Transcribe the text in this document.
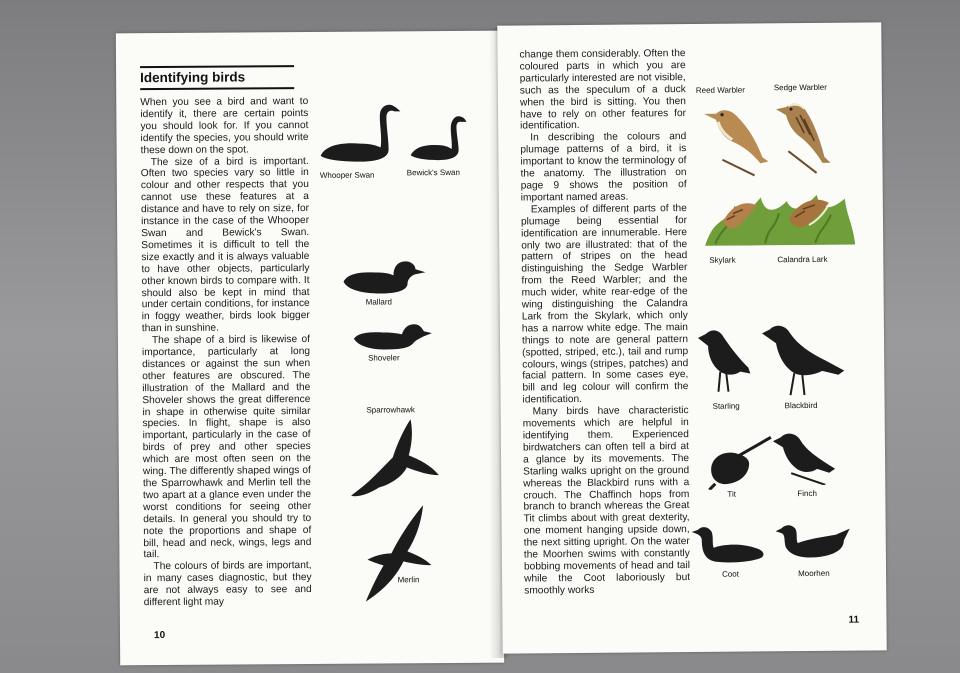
Identifying birds

When you see a bird and want to identify it, there are certain points you should look for. If you cannot identify the species, you should write these down on the spot.

The size of a bird is important. Often two species vary so little in colour and other respects that you cannot use these features at a distance and have to rely on size, for instance in the case of the Whooper Swan and Bewick's Swan. Sometimes it is difficult to tell the size exactly and it is always valuable to have other objects, particularly other known birds to compare with. It should also be kept in mind that under certain conditions, for instance in foggy weather, birds look bigger than in sunshine.

The shape of a bird is likewise of importance, particularly at long distances or against the sun when other features are obscured. The illustration of the Mallard and the Shoveler shows the great difference in shape in otherwise quite similar species. In flight, shape is also important, particularly in the case of birds of prey and other species which are most often seen on the wing. The differently shaped wings of the Sparrowhawk and Merlin tell the two apart at a glance even under the worst conditions for seeing other details. In general you should try to note the proportions and shape of bill, head and neck, wings, legs and tail.

The colours of birds are important, in many cases diagnostic, but they are not always easy to see and different light may

Whooper Swan	Bewick's Swan
Mallard
Shoveler
Sparrowhawk
Merlin
10

change them considerably. Often the coloured parts in which you are particularly interested are not visible, such as the speculum of a duck when the bird is sitting. You then have to rely on other features for identification.

In describing the colours and plumage patterns of a bird, it is important to know the terminology of the anatomy. The illustration on page 9 shows the position of important named areas.

Examples of different parts of the plumage being essential for identification are innumerable. Here only two are illustrated: that of the pattern of stripes on the head distinguishing the Sedge Warbler from the Reed Warbler; and the much wider, white rear-edge of the wing distinguishing the Calandra Lark from the Skylark, which only has a narrow white edge. The main things to note are general pattern (spotted, striped, etc.), tail and rump colours, wings (stripes, patches) and facial pattern. In some cases eye, bill and leg colour will confirm the identification.

Many birds have characteristic movements which are helpful in identifying them. Experienced birdwatchers can often tell a bird at a glance by its movements. The Starling walks upright on the ground whereas the Blackbird runs with a crouch. The Chaffinch hops from branch to branch whereas the Great Tit climbs about with great dexterity, one moment hanging upside down, the next sitting upright. On the water the Moorhen swims with constantly bobbing movements of head and tail while the Coot laboriously but smoothly works

Reed Warbler	Sedge Warbler
Skylark	Calandra Lark
Starling	Blackbird
Tit	Finch
Coot	Moorhen
11
